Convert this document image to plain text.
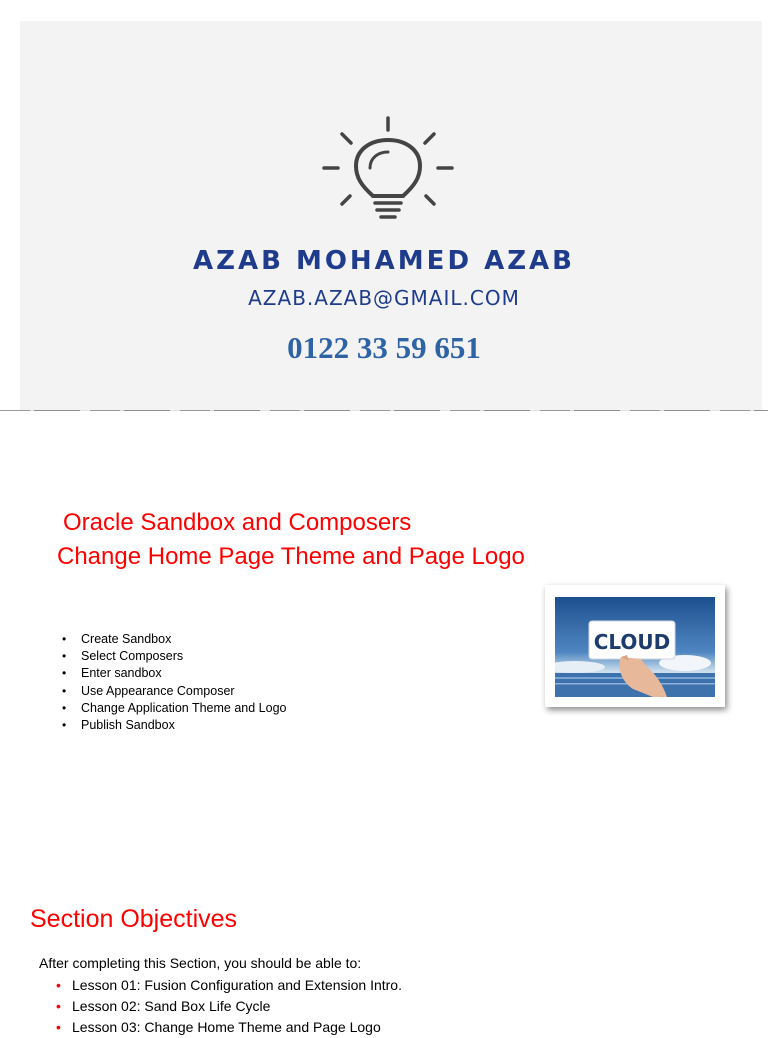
AZAB MOHAMED AZAB
AZAB.AZAB@GMAIL.COM
0122 33 59 651
Oracle Sandbox and Composers
Change Home Page Theme and Page Logo
• Create Sandbox
• Select Composers
• Enter sandbox
• Use Appearance Composer
• Change Application Theme and Logo
• Publish Sandbox
CLOUD
Section Objectives
After completing this Section, you should be able to:
• Lesson 01: Fusion Configuration and Extension Intro.
• Lesson 02: Sand Box Life Cycle
• Lesson 03: Change Home Theme and Page Logo
